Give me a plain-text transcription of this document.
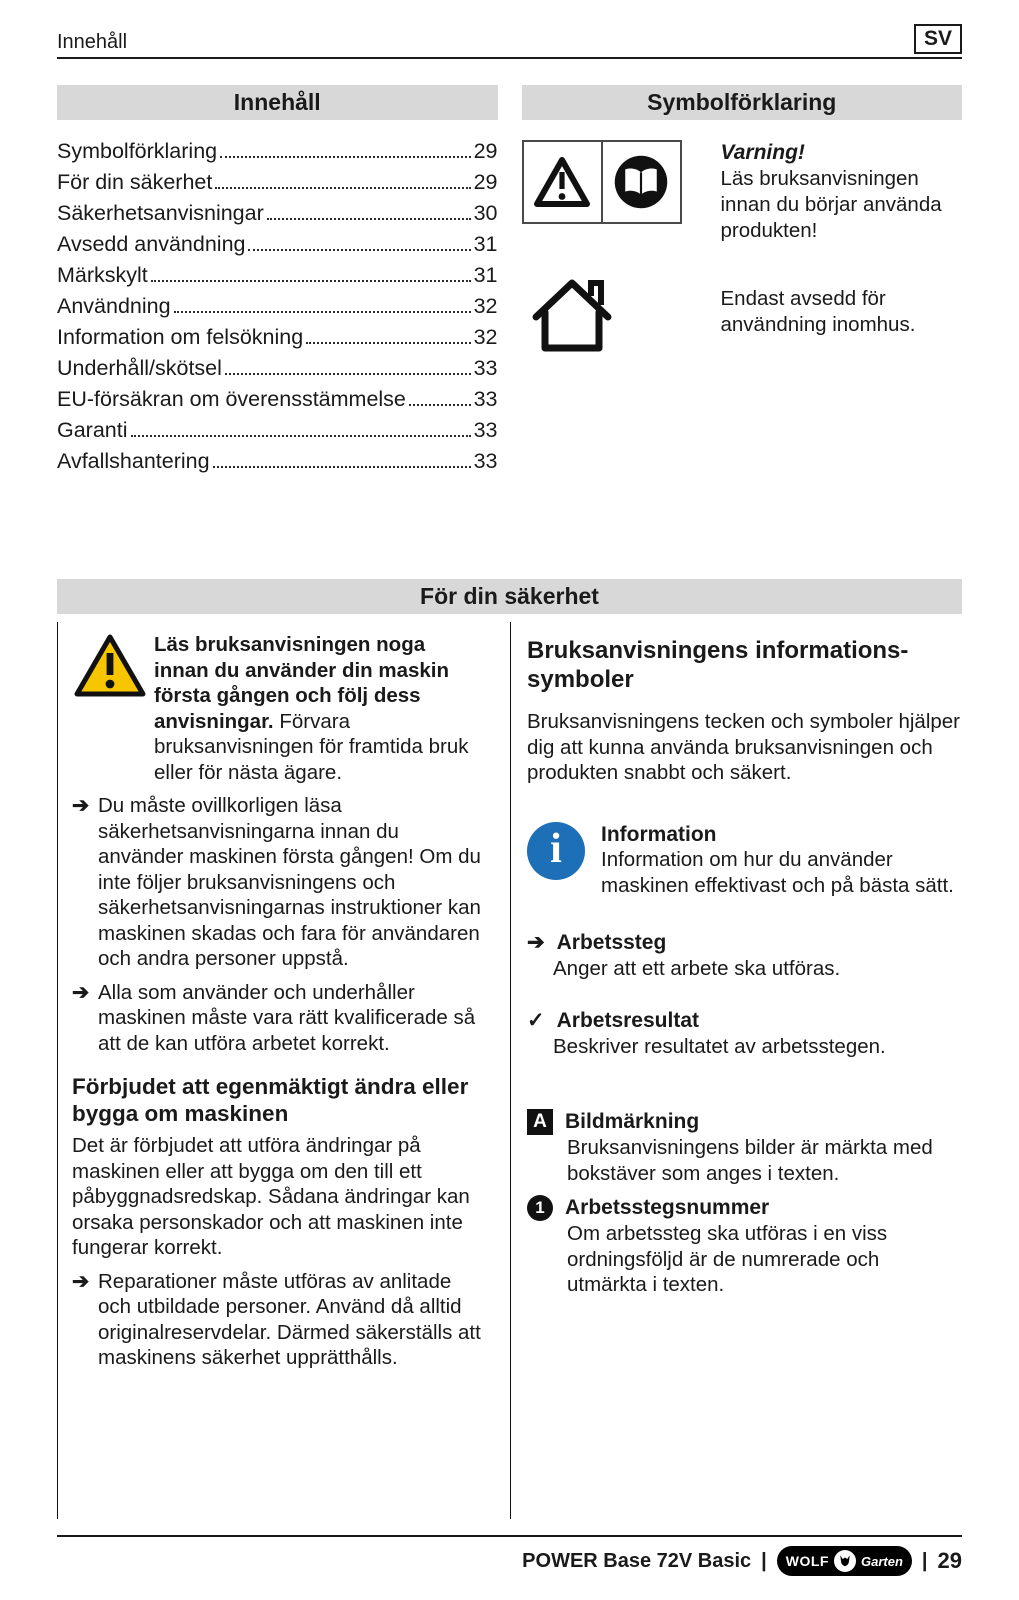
Innehåll	SV
Innehåll
Symbolförklaring	29
För din säkerhet	29
Säkerhetsanvisningar	30
Avsedd användning	31
Märkskylt	31
Användning	32
Information om felsökning	32
Underhåll/skötsel	33
EU-försäkran om överensstämmelse	33
Garanti	33
Avfallshantering	33
Symbolförklaring
Varning!
Läs bruksanvisningen innan du börjar använda produkten!
Endast avsedd för användning inomhus.
För din säkerhet

Läs bruksanvisningen noga innan du använder din maskin första gången och följ dess anvisningar. Förvara bruksanvisningen för framtida bruk eller för nästa ägare.

➔ Du måste ovillkorligen läsa säkerhetsanvisningarna innan du använder maskinen första gången! Om du inte följer bruksanvisningens och säkerhetsanvisningarnas instruktioner kan maskinen skadas och fara för användaren och andra personer uppstå.
➔ Alla som använder och underhåller maskinen måste vara rätt kvalificerade så att de kan utföra arbetet korrekt.
Förbjudet att egenmäktigt ändra eller bygga om maskinen

Det är förbjudet att utföra ändringar på maskinen eller att bygga om den till ett påbyggnadsredskap. Sådana ändringar kan orsaka personskador och att maskinen inte fungerar korrekt.

➔ Reparationer måste utföras av anlitade och utbildade personer. Använd då alltid originalreservdelar. Därmed säkerställs att maskinens säkerhet upprätthålls.
Bruksanvisningens informations-symboler

Bruksanvisningens tecken och symboler hjälper dig att kunna använda bruksanvisningen och produkten snabbt och säkert.

i Information
Information om hur du använder maskinen effektivast och på bästa sätt.
➔ Arbetssteg
Anger att ett arbete ska utföras.
✓ Arbetsresultat
Beskriver resultatet av arbetsstegen.
A Bildmärkning
Bruksanvisningens bilder är märkta med bokstäver som anges i texten.
1 Arbetsstegsnummer
Om arbetssteg ska utföras i en viss ordningsföljd är de numrerade och utmärkta i texten.
POWER Base 72V Basic | WOLF Garten | 29
